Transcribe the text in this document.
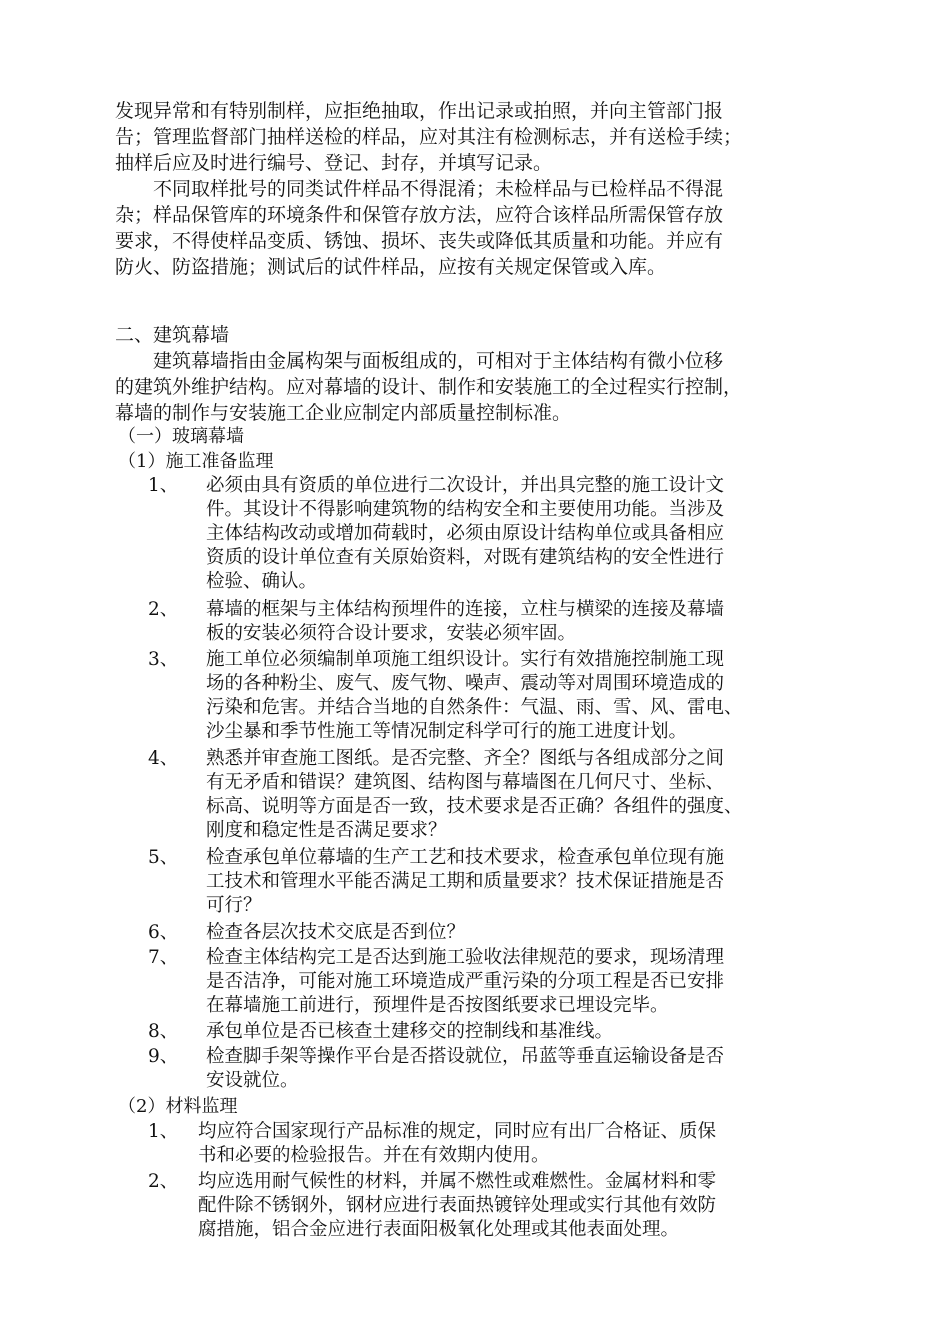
发现异常和有特别制样，应拒绝抽取，作出记录或拍照，并向主管部门报
告；管理监督部门抽样送检的样品，应对其注有检测标志，并有送检手续；
抽样后应及时进行编号、登记、封存，并填写记录。
不同取样批号的同类试件样品不得混淆；未检样品与已检样品不得混
杂；样品保管库的环境条件和保管存放方法，应符合该样品所需保管存放
要求，不得使样品变质、锈蚀、损坏、丧失或降低其质量和功能。并应有
防火、防盗措施；测试后的试件样品，应按有关规定保管或入库。
二、建筑幕墙
建筑幕墙指由金属构架与面板组成的，可相对于主体结构有微小位移
的建筑外维护结构。应对幕墙的设计、制作和安装施工的全过程实行控制，
幕墙的制作与安装施工企业应制定内部质量控制标准。
（一）玻璃幕墙
（1）施工准备监理
1、 必须由具有资质的单位进行二次设计，并出具完整的施工设计文
件。其设计不得影响建筑物的结构安全和主要使用功能。当涉及
主体结构改动或增加荷载时，必须由原设计结构单位或具备相应
资质的设计单位查有关原始资料，对既有建筑结构的安全性进行
检验、确认。
2、 幕墙的框架与主体结构预埋件的连接，立柱与横梁的连接及幕墙
板的安装必须符合设计要求，安装必须牢固。
3、 施工单位必须编制单项施工组织设计。实行有效措施控制施工现
场的各种粉尘、废气、废气物、噪声、震动等对周围环境造成的
污染和危害。并结合当地的自然条件：气温、雨、雪、风、雷电、
沙尘暴和季节性施工等情况制定科学可行的施工进度计划。
4、 熟悉并审查施工图纸。是否完整、齐全？图纸与各组成部分之间
有无矛盾和错误？建筑图、结构图与幕墙图在几何尺寸、坐标、
标高、说明等方面是否一致，技术要求是否正确？各组件的强度、
刚度和稳定性是否满足要求？
5、 检查承包单位幕墙的生产工艺和技术要求，检查承包单位现有施
工技术和管理水平能否满足工期和质量要求？技术保证措施是否
可行？
6、 检查各层次技术交底是否到位？
7、 检查主体结构完工是否达到施工验收法律规范的要求，现场清理
是否洁净，可能对施工环境造成严重污染的分项工程是否已安排
在幕墙施工前进行，预埋件是否按图纸要求已埋设完毕。
8、 承包单位是否已核查土建移交的控制线和基准线。
9、 检查脚手架等操作平台是否搭设就位，吊蓝等垂直运输设备是否
安设就位。
（2）材料监理
1、 均应符合国家现行产品标准的规定，同时应有出厂合格证、质保
书和必要的检验报告。并在有效期内使用。
2、 均应选用耐气候性的材料，并属不燃性或难燃性。金属材料和零
配件除不锈钢外，钢材应进行表面热镀锌处理或实行其他有效防
腐措施，铝合金应进行表面阳极氧化处理或其他表面处理。
